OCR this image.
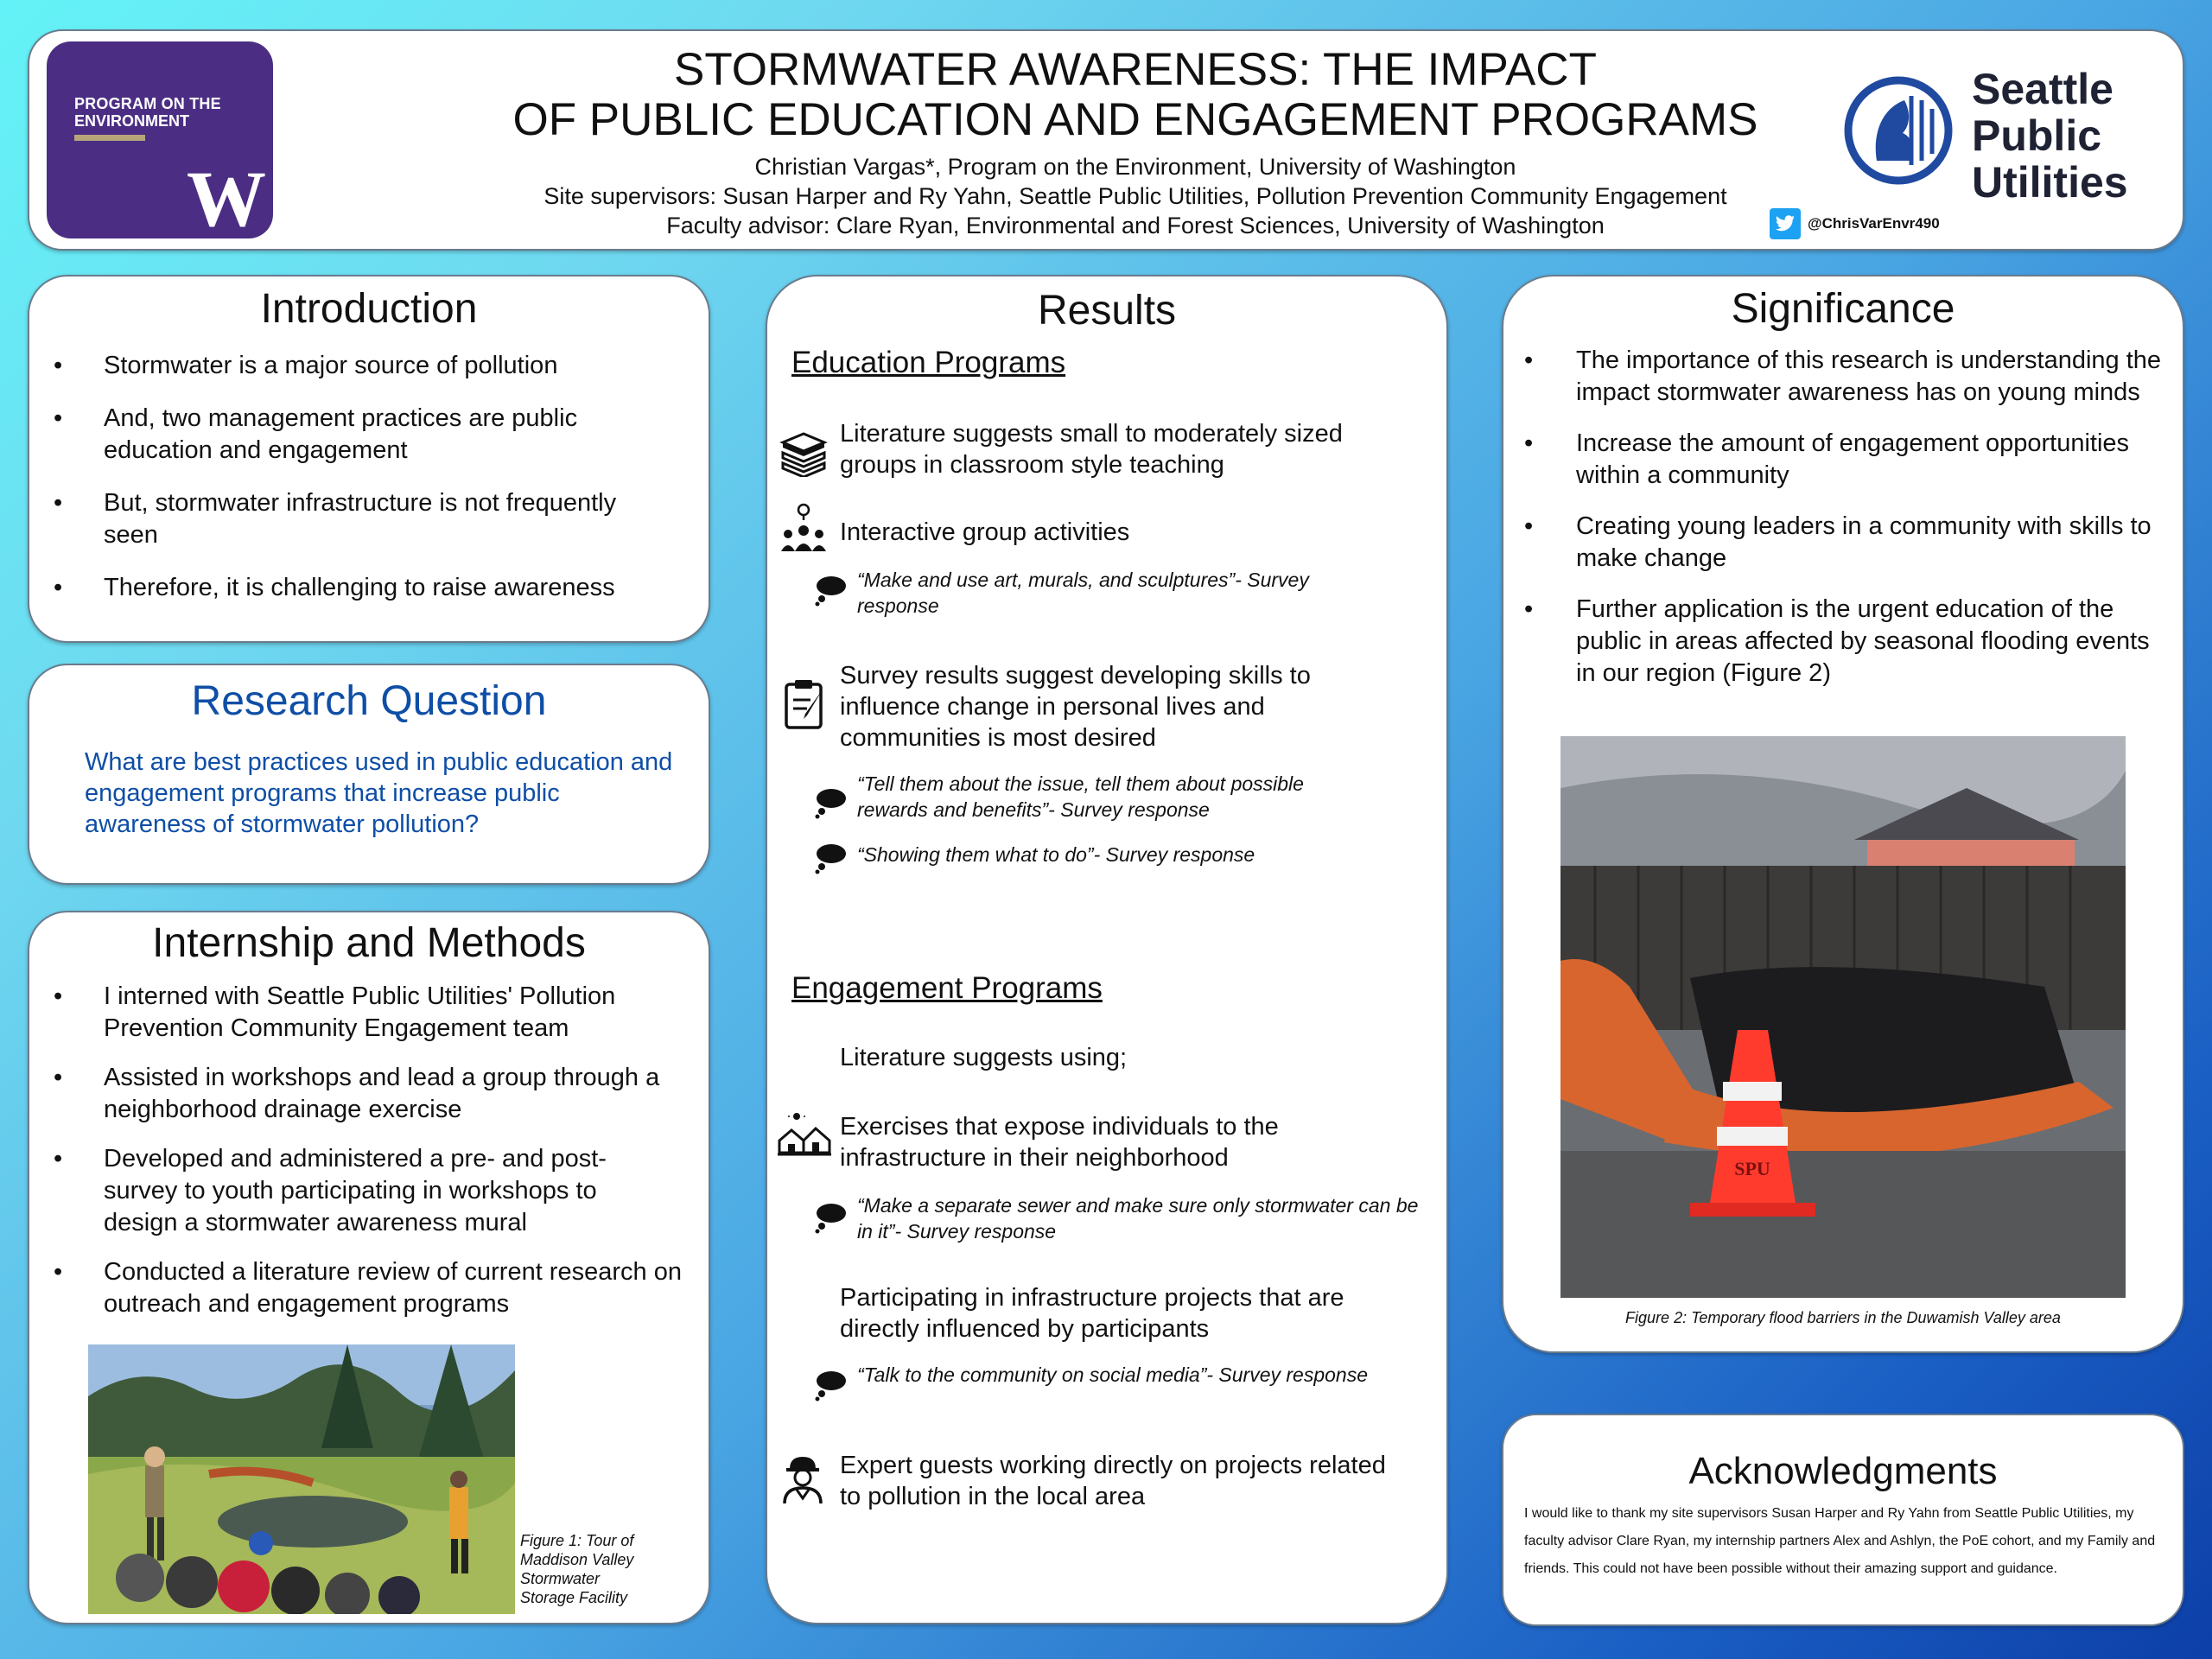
PROGRAM ON THE
ENVIRONMENT
W
STORMWATER AWARENESS: THE IMPACT
OF PUBLIC EDUCATION AND ENGAGEMENT PROGRAMS
Christian Vargas*, Program on the Environment, University of Washington
Site supervisors: Susan Harper and Ry Yahn, Seattle Public Utilities, Pollution Prevention Community Engagement
Faculty advisor: Clare Ryan, Environmental and Forest Sciences, University of Washington
Seattle
Public
Utilities
@ChrisVarEnvr490
Introduction
• Stormwater is a major source of pollution
• And, two management practices are public education and engagement
• But, stormwater infrastructure is not frequently seen
• Therefore, it is challenging to raise awareness
Research Question
What are best practices used in public education and engagement programs that increase public awareness of stormwater pollution?
Internship and Methods
• I interned with Seattle Public Utilities' Pollution Prevention Community Engagement team
• Assisted in workshops and lead a group through a neighborhood drainage exercise
• Developed and administered a pre- and post-survey to youth participating in workshops to design a stormwater awareness mural
• Conducted a literature review of current research on outreach and engagement programs
Figure 1: Tour of Maddison Valley Stormwater Storage Facility
Results
Education Programs
Literature suggests small to moderately sized groups in classroom style teaching
Interactive group activities
“Make and use art, murals, and sculptures”- Survey response
Survey results suggest developing skills to influence change in personal lives and communities is most desired
“Tell them about the issue, tell them about possible rewards and benefits”- Survey response
“Showing them what to do”- Survey response
Engagement Programs
Literature suggests using;
Exercises that expose individuals to the infrastructure in their neighborhood
“Make a separate sewer and make sure only stormwater can be in it”- Survey response
Participating in infrastructure projects that are directly influenced by participants
“Talk to the community on social media”- Survey response
Expert guests working directly on projects related to pollution in the local area
Significance
• The importance of this research is understanding the impact stormwater awareness has on young minds
• Increase the amount of engagement opportunities within a community
• Creating young leaders in a community with skills to make change
• Further application is the urgent education of the public in areas affected by seasonal flooding events in our region (Figure 2)
SPU
Figure 2: Temporary flood barriers in the Duwamish Valley area
Acknowledgments
I would like to thank my site supervisors Susan Harper and Ry Yahn from Seattle Public Utilities, my faculty advisor Clare Ryan, my internship partners Alex and Ashlyn, the PoE cohort, and my Family and friends. This could not have been possible without their amazing support and guidance.
